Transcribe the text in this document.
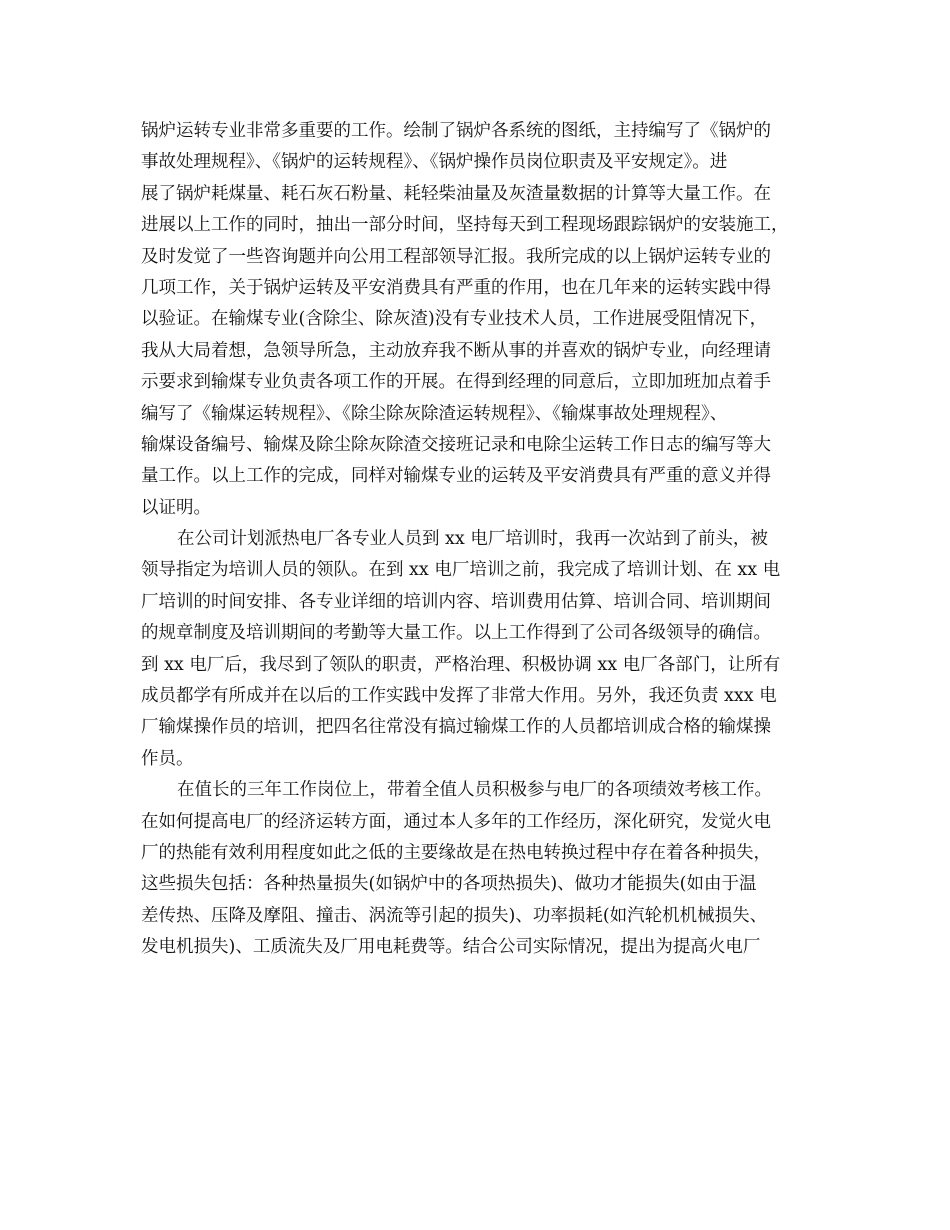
锅炉运转专业非常多重要的工作。绘制了锅炉各系统的图纸，主持编写了《锅炉的
事故处理规程》、《锅炉的运转规程》、《锅炉操作员岗位职责及平安规定》。进
展了锅炉耗煤量、耗石灰石粉量、耗轻柴油量及灰渣量数据的计算等大量工作。在
进展以上工作的同时，抽出一部分时间，坚持每天到工程现场跟踪锅炉的安装施工，
及时发觉了一些咨询题并向公用工程部领导汇报。我所完成的以上锅炉运转专业的
几项工作，关于锅炉运转及平安消费具有严重的作用，也在几年来的运转实践中得
以验证。在输煤专业(含除尘、除灰渣)没有专业技术人员，工作进展受阻情况下，
我从大局着想，急领导所急，主动放弃我不断从事的并喜欢的锅炉专业，向经理请
示要求到输煤专业负责各项工作的开展。在得到经理的同意后，立即加班加点着手
编写了《输煤运转规程》、《除尘除灰除渣运转规程》、《输煤事故处理规程》、
输煤设备编号、输煤及除尘除灰除渣交接班记录和电除尘运转工作日志的编写等大
量工作。以上工作的完成，同样对输煤专业的运转及平安消费具有严重的意义并得
以证明。
在公司计划派热电厂各专业人员到 xx 电厂培训时，我再一次站到了前头，被
领导指定为培训人员的领队。在到 xx 电厂培训之前，我完成了培训计划、在 xx 电
厂培训的时间安排、各专业详细的培训内容、培训费用估算、培训合同、培训期间
的规章制度及培训期间的考勤等大量工作。以上工作得到了公司各级领导的确信。
到 xx 电厂后，我尽到了领队的职责，严格治理、积极协调 xx 电厂各部门，让所有
成员都学有所成并在以后的工作实践中发挥了非常大作用。另外，我还负责 xxx 电
厂输煤操作员的培训，把四名往常没有搞过输煤工作的人员都培训成合格的输煤操
作员。
在值长的三年工作岗位上，带着全值人员积极参与电厂的各项绩效考核工作。
在如何提高电厂的经济运转方面，通过本人多年的工作经历，深化研究，发觉火电
厂的热能有效利用程度如此之低的主要缘故是在热电转换过程中存在着各种损失，
这些损失包括：各种热量损失(如锅炉中的各项热损失)、做功才能损失(如由于温
差传热、压降及摩阻、撞击、涡流等引起的损失)、功率损耗(如汽轮机机械损失、
发电机损失)、工质流失及厂用电耗费等。结合公司实际情况，提出为提高火电厂
